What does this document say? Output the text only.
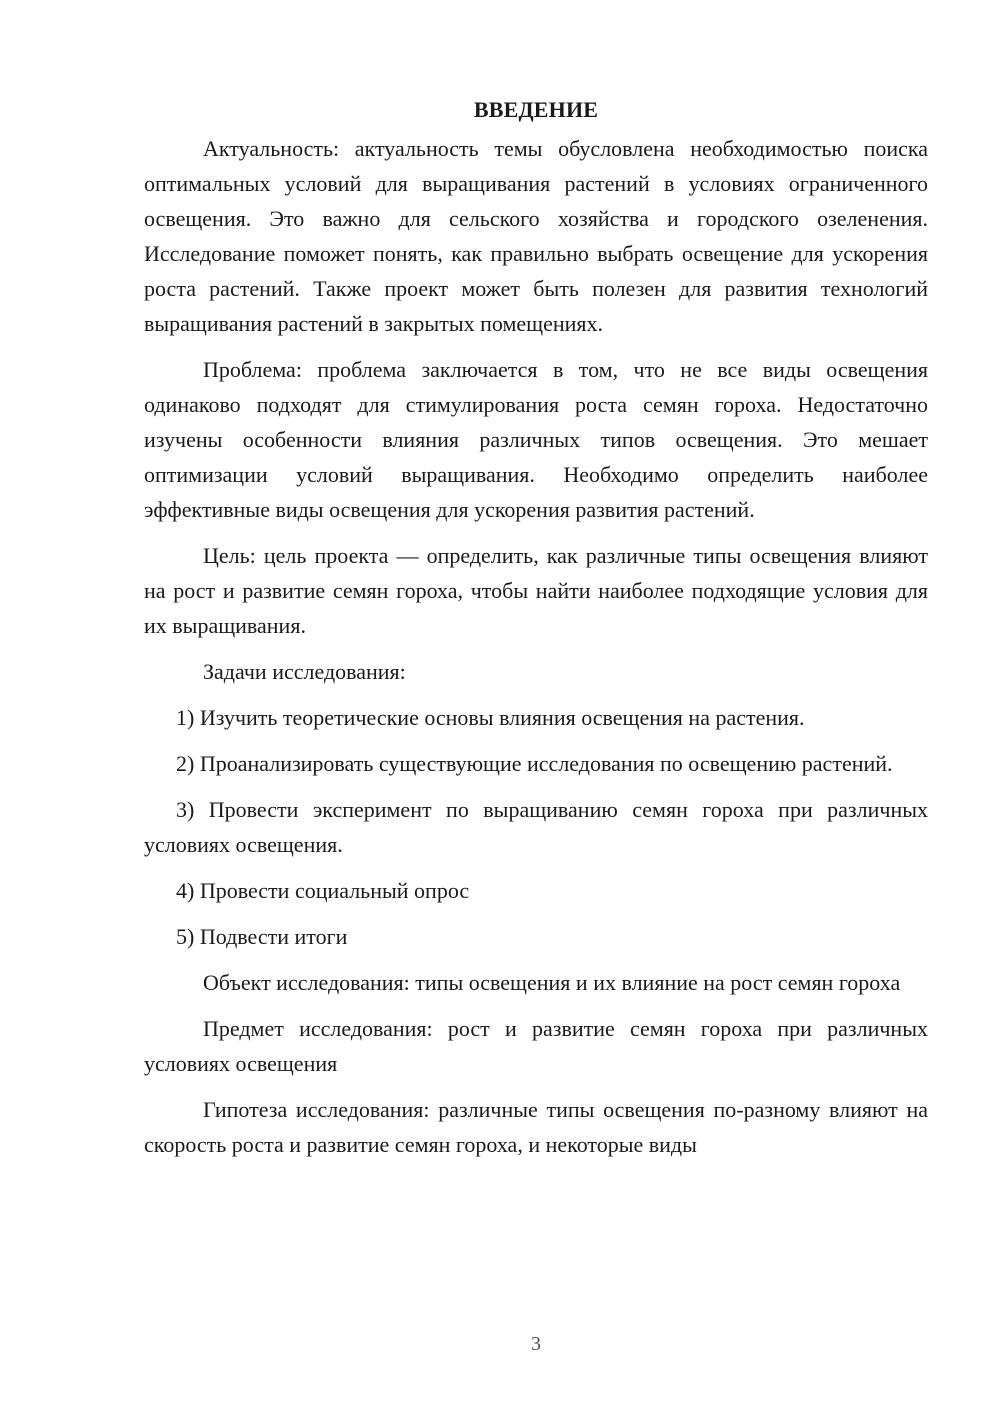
ВВЕДЕНИЕ

Актуальность: актуальность темы обусловлена необходимостью поиска оптимальных условий для выращивания растений в условиях ограниченного освещения. Это важно для сельского хозяйства и городского озеленения. Исследование поможет понять, как правильно выбрать освещение для ускорения роста растений. Также проект может быть полезен для развития технологий выращивания растений в закрытых помещениях.

Проблема: проблема заключается в том, что не все виды освещения одинаково подходят для стимулирования роста семян гороха. Недостаточно изучены особенности влияния различных типов освещения. Это мешает оптимизации условий выращивания. Необходимо определить наиболее эффективные виды освещения для ускорения развития растений.

Цель: цель проекта — определить, как различные типы освещения влияют на рост и развитие семян гороха, чтобы найти наиболее подходящие условия для их выращивания.

Задачи исследования:

1) Изучить теоретические основы влияния освещения на растения.

2) Проанализировать существующие исследования по освещению растений.

3) Провести эксперимент по выращиванию семян гороха при различных условиях освещения.

4) Провести социальный опрос

5) Подвести итоги

Объект исследования: типы освещения и их влияние на рост семян гороха

Предмет исследования: рост и развитие семян гороха при различных условиях освещения

Гипотеза исследования: различные типы освещения по-разному влияют на скорость роста и развитие семян гороха, и некоторые виды

3
